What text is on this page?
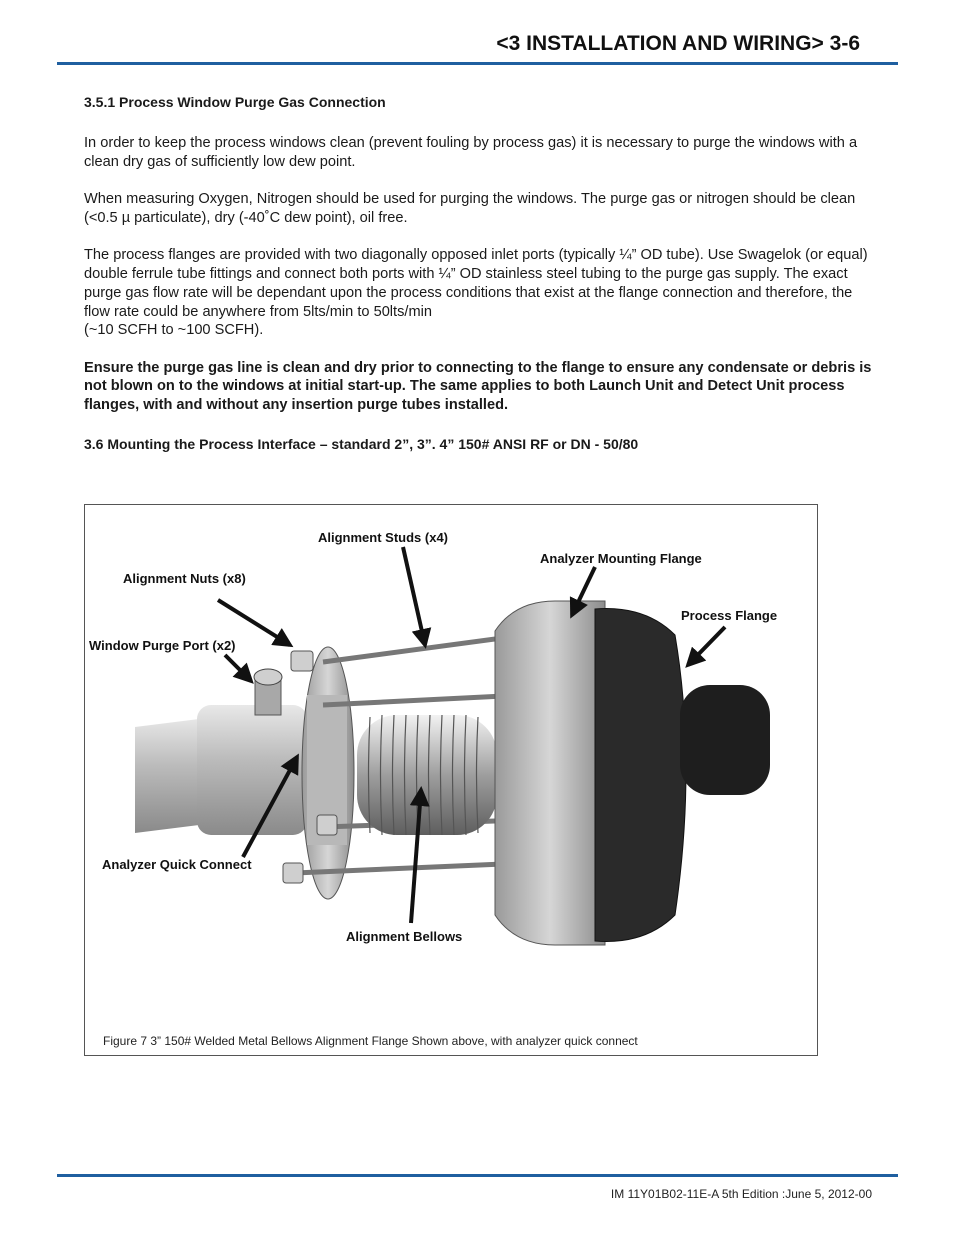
<3 INSTALLATION AND WIRING> 3-6
3.5.1 Process Window Purge Gas Connection

In order to keep the process windows clean (prevent fouling by process gas) it is necessary to purge the windows with a clean dry gas of sufficiently low dew point.

When measuring Oxygen, Nitrogen should be used for purging the windows. The purge gas or nitrogen should be clean (<0.5 µ particulate), dry (-40˚C dew point), oil free.

The process flanges are provided with two diagonally opposed inlet ports (typically ¼” OD tube). Use Swagelok (or equal) double ferrule tube fittings and connect both ports with ¼” OD stainless steel tubing to the purge gas supply. The exact purge gas flow rate will be dependant upon the process conditions that exist at the flange connection and therefore, the flow rate could be anywhere from 5lts/min to 50lts/min

(~10 SCFH to ~100 SCFH).

Ensure the purge gas line is clean and dry prior to connecting to the flange to ensure any condensate or debris is not blown on to the windows at initial start-up. The same applies to both Launch Unit and Detect Unit process flanges, with and without any insertion purge tubes installed.

3.6 Mounting the Process Interface – standard 2”, 3”. 4” 150# ANSI RF or DN - 50/80
Alignment Studs (x4)
Analyzer Mounting Flange
Alignment Nuts (x8)
Process Flange
Window Purge Port (x2)
Analyzer Quick Connect
Alignment Bellows
Figure 7 3” 150# Welded Metal Bellows Alignment Flange Shown above, with analyzer quick connect
IM 11Y01B02-11E-A 5th Edition :June 5, 2012-00
